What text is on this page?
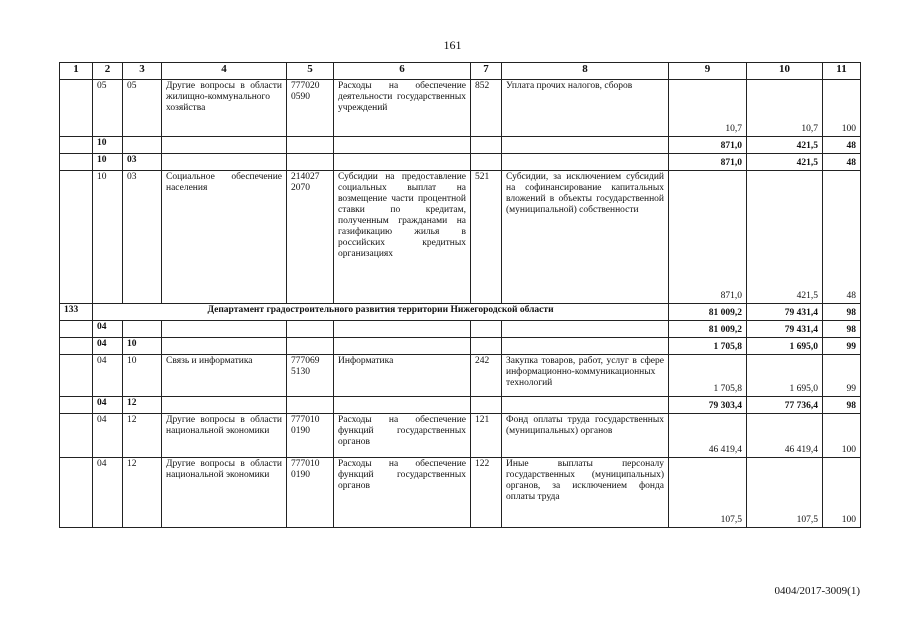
161
1	2	3	4	5	6	7	8	9	10	11
	05	05	Другие вопросы в области жилищно-коммунального хозяйства	777020 0590	Расходы на обеспечение деятельности государственных учреждений	852	Уплата прочих налогов, сборов	10,7	10,7	100
	10							871,0	421,5	48
	10	03						871,0	421,5	48
	10	03	Социальное обеспечение населения	214027 2070	Субсидии на предоставление социальных выплат на возмещение части процентной ставки по кредитам, полученным гражданами на газификацию жилья в российских кредитных организациях	521	Субсидии, за исключением субсидий на софинансирование капитальных вложений в объекты государственной (муниципальной) собственности	871,0	421,5	48
133	Департамент градостроительного развития территории Нижегородской области							81 009,2	79 431,4	98
	04							81 009,2	79 431,4	98
	04	10						1 705,8	1 695,0	99
	04	10	Связь и информатика	777069 5130	Информатика	242	Закупка товаров, работ, услуг в сфере информационно-коммуникационных технологий	1 705,8	1 695,0	99
	04	12						79 303,4	77 736,4	98
	04	12	Другие вопросы в области национальной экономики	777010 0190	Расходы на обеспечение функций государственных органов	121	Фонд оплаты труда государственных (муниципальных) органов	46 419,4	46 419,4	100
	04	12	Другие вопросы в области национальной экономики	777010 0190	Расходы на обеспечение функций государственных органов	122	Иные выплаты персоналу государственных (муниципальных) органов, за исключением фонда оплаты труда	107,5	107,5	100
0404/2017-3009(1)
